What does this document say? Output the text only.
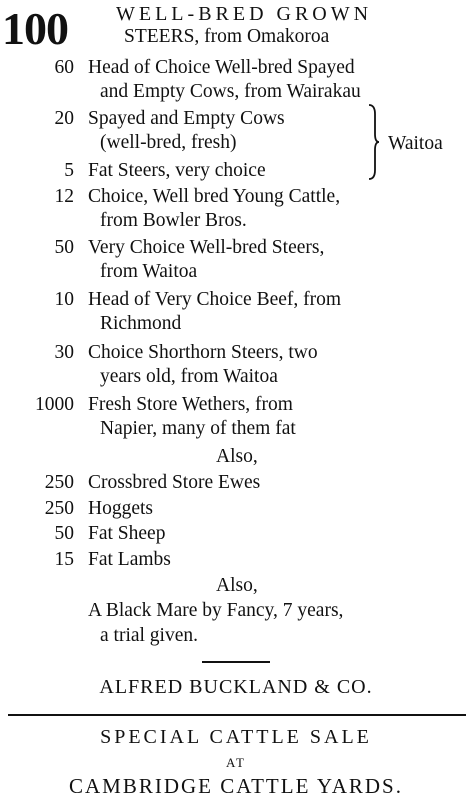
100 WELL-BRED GROWN
STEERS, from Omakoroa
60 Head of Choice Well-bred Spayed
and Empty Cows, from Wairakau
20 Spayed and Empty Cows
(well-bred, fresh)
5 Fat Steers, very choice
Waitoa
12 Choice, Well bred Young Cattle,
from Bowler Bros.
50 Very Choice Well-bred Steers,
from Waitoa
10 Head of Very Choice Beef, from
Richmond
30 Choice Shorthorn Steers, two
years old, from Waitoa
1000 Fresh Store Wethers, from
Napier, many of them fat
Also,
250 Crossbred Store Ewes
250 Hoggets
50 Fat Sheep
15 Fat Lambs
Also,
A Black Mare by Fancy, 7 years,
a trial given.
ALFRED BUCKLAND & CO.
SPECIAL CATTLE SALE
AT
CAMBRIDGE CATTLE YARDS.
